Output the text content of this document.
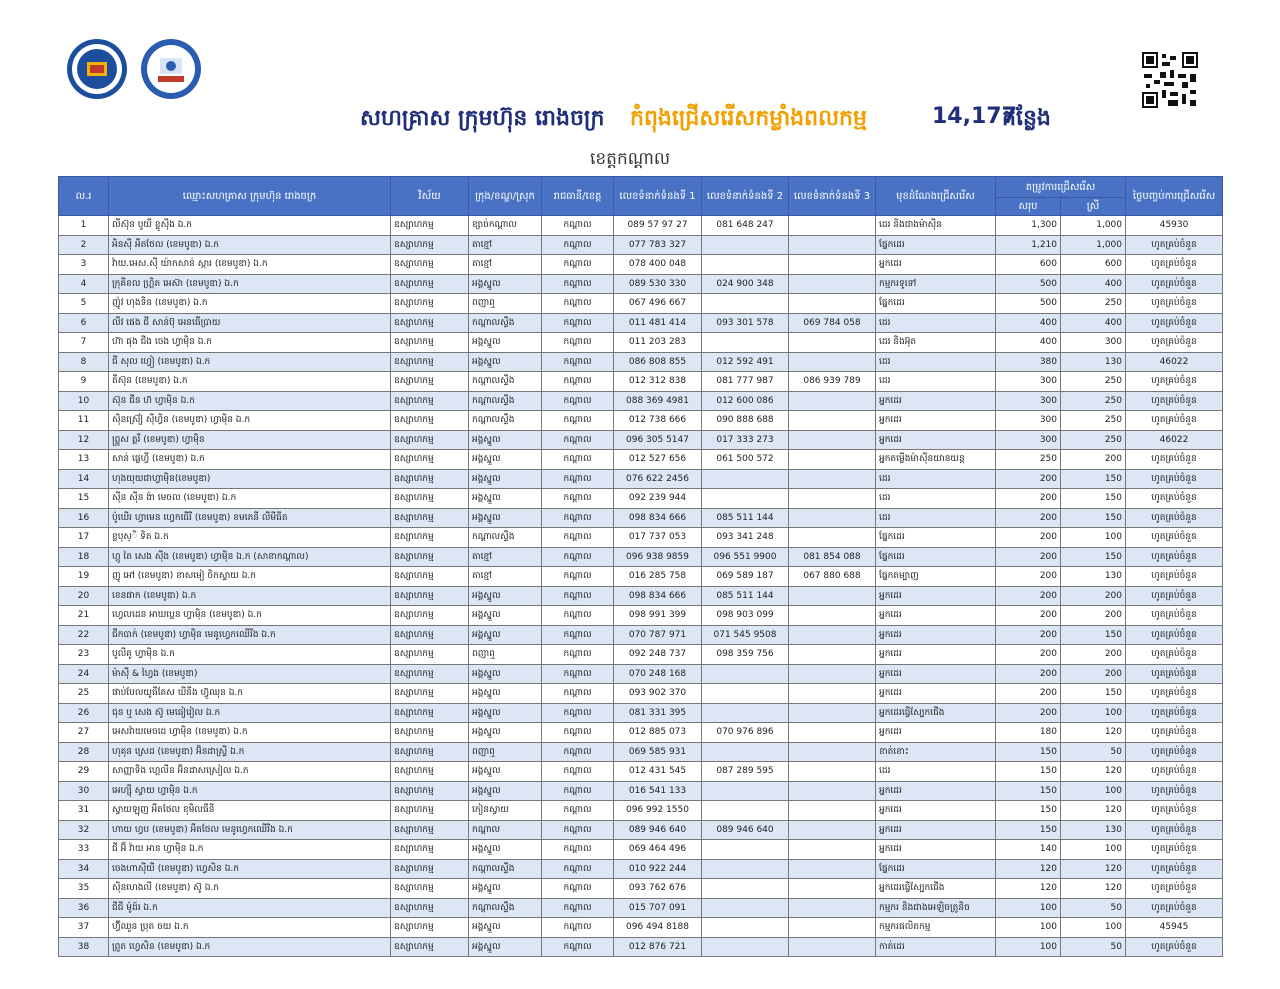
សហគ្រាស ក្រុមហ៊ុន រោងចក្រ កំពុងជ្រើសរើសកម្លាំងពលកម្ម	14,177
កន្លែង
ខេត្តកណ្ដាល
ល.រ	ឈ្មោះសហគ្រាស ក្រុមហ៊ុន រោងចក្រ	វិស័យ	ក្រុង/ខណ្ឌ/ស្រុក	រាជធានី/ខេត្ត	លេខទំនាក់ទំនងទី 1	លេខទំនាក់ទំនងទី 2	លេខទំនាក់ទំនងទី 3	មុខដំណែងជ្រើសរើស	តម្រូវការជ្រើសរើស		ថ្ងៃបញ្ចប់ការជ្រើសរើស
									សរុប	ស្រី	
1	លីស៊ុន បូយី ខ្លូស៊ីង ឯ.ក	ឧស្សាហកម្ម	ខ្សាច់កណ្ដាល	កណ្ដាល	089 57 97 27	081 648 247		ដេរ និងជាងម៉ាស៊ីន	1,300	1,000	45930
2	អិនស៊ី អឹតថែល (ខេមបូឌា) ឯ.ក	ឧស្សាហកម្ម	តាខ្មៅ	កណ្ដាល	077 783 327			ផ្នែកដេរ	1,210	1,000	ហូតគ្រប់ចំនួន
3	វ៉ាយ.អេស.ស៊ី យ៉ាកសាន់ ស្ការ (ខេមបូឌា) ឯ.ក	ឧស្សាហកម្ម	តាខ្មៅ	កណ្ដាល	078 400 048			អ្នកដេរ	600	600	ហូតគ្រប់ចំនួន
4	ក្រុគីខល ហ្គ្រិត អេស៊ា (ខេមបូឌា) ឯ.ក	ឧស្សាហកម្ម	អង្គស្នួល	កណ្ដាល	089 530 330	024 900 348		កម្មករទូទៅ	500	400	ហូតគ្រប់ចំនួន
5	ញ៉ូវ ហុងទិន (ខេមបូឌា) ឯ.ក	ឧស្សាហកម្ម	ពញាឮ	កណ្ដាល	067 496 667			ផ្នែកដេរ	500	250	ហូតគ្រប់ចំនួន
6	លីវ ផេង ជី សាន់ប៊ុ អេនធើប្រាយ	ឧស្សាហកម្ម	កណ្ដាលស្ទឹង	កណ្ដាល	011 481 414	093 301 578	069 784 058	ដេរ	400	400	ហូតគ្រប់ចំនួន
7	ហ៊ា ផុង ជីង ចេង ហ្វាម៉ិន ឯ.ក	ឧស្សាហកម្ម	អង្គស្នួល	កណ្ដាល	011 203 283			ដេរ និងអ៊ុត	400	300	ហូតគ្រប់ចំនួន
8	ជី សុល ហ្វៀ (ខេមបូឌា) ឯ.ក	ឧស្សាហកម្ម	អង្គស្នួល	កណ្ដាល	086 808 855	012 592 491		ដេរ	380	130	46022
9	តឺស៊ុន (ខេមបូឌា) ឯ.ក	ឧស្សាហកម្ម	កណ្ដាលស្ទឹង	កណ្ដាល	012 312 838	081 777 987	086 939 789	ដេរ	300	250	ហូតគ្រប់ចំនួន
10	ស៊ុន ជីន ហ៊ ហ្វាម៉ិន ឯ.ក	ឧស្សាហកម្ម	កណ្ដាលស្ទឹង	កណ្ដាល	088 369 4981	012 600 086		អ្នកដេរ	300	250	ហូតគ្រប់ចំនួន
11	ស៊ិនស៊្រៀ ស៊ីហ្វិន (ខេមបូឌា) ហ្វាម៉ិន ឯ.ក	ឧស្សាហកម្ម	កណ្ដាលស្ទឹង	កណ្ដាល	012 738 666	090 888 688		អ្នកដេរ	300	250	ហូតគ្រប់ចំនួន
12	ព្រ្ហូស ត្តរី (ខេមបូឌា) ហ្វាម៉ិន	ឧស្សាហកម្ម	អង្គស្នួល	កណ្ដាល	096 305 5147	017 333 273		អ្នកដេរ	300	250	46022
13	សាន់ ផ្លេហ្វី (ខេមបូឌា) ឯ.ក	ឧស្សាហកម្ម	អង្គស្នួល	កណ្ដាល	012 527 656	061 500 572		អ្នកតម្លើងម៉ាស៊ីនយានយន្ត	250	200	ហូតគ្រប់ចំនួន
14	ហុងយុយជាហ្វាម៉ិន(ខេមបូឌា)	ឧស្សាហកម្ម	អង្គស្នួល	កណ្ដាល	076 622 2456			ដេរ	200	150	ហូតគ្រប់ចំនួន
15	ស៊ីន ស៊ីន ង៉ា មេចល (ខេមបូឌា) ឯ.ក	ឧស្សាហកម្ម	អង្គស្នួល	កណ្ដាល	092 239 944			ដេរ	200	150	ហូតគ្រប់ចំនួន
16	ប៉ូឃើរ ហ្វាមេន ហ្វេកធើរី (ខេមបូឌា) ខមភេនី លីមីធីត	ឧស្សាហកម្ម	អង្គស្នួល	កណ្ដាល	098 834 666	085 511 144		ដេរ	200	150	ហូតគ្រប់ចំនួន
17	ខ្លបុស្ិ ទិត ឯ.ក	ឧស្សាហកម្ម	កណ្ដាលស្ទឹង	កណ្ដាល	017 737 053	093 341 248		ផ្នែកដេរ	200	100	ហូតគ្រប់ចំនួន
18	ហ្គូ តៃ សេង ស៊ីង (ខេមបូឌា) ហ្វាម៉ិន ឯ.ក (សាខាកណ្ដាល)	ឧស្សាហកម្ម	តាខ្មៅ	កណ្ដាល	096 938 9859	096 551 9900	081 854 088	ផ្នែកដេរ	200	150	ហូតគ្រប់ចំនួន
19	ញូ អៅ (ខេមបូឌា) ខាសមៀ ចិកស្ទាយ ឯ.ក	ឧស្សាហកម្ម	តាខ្មៅ	កណ្ដាល	016 285 758	069 589 187	067 880 688	ផ្នែកតម្បាញ	200	130	ហូតគ្រប់ចំនួន
20	ខេនផាក (ខេមបូឌា) ឯ.ក	ឧស្សាហកម្ម	អង្គស្នួល	កណ្ដាល	098 834 666	085 511 144		អ្នកដេរ	200	200	ហូតគ្រប់ចំនួន
21	ហ្វេលដេន អាឃប្លេន ហ្វាម៉ិន (ខេមបូឌា) ឯ.ក	ឧស្សាហកម្ម	អង្គស្នួល	កណ្ដាល	098 991 399	098 903 099		អ្នកដេរ	200	200	ហូតគ្រប់ចំនួន
22	ជីកបាក់ (ខេមបូឌា) ហ្វាម៉ិន មេនូហ្វេកឈើរីង ឯ.ក	ឧស្សាហកម្ម	អង្គស្នួល	កណ្ដាល	070 787 971	071 545 9508		អ្នកដេរ	200	150	ហូតគ្រប់ចំនួន
23	បូលីគូ ហ្វាម៉ិន ឯ.ក	ឧស្សាហកម្ម	ពញាឮ	កណ្ដាល	092 248 737	098 359 756		អ្នកដេរ	200	200	ហូតគ្រប់ចំនួន
24	ម៉ាស៊ី & ហ្វៃង (ខេមបូឌា)	ឧស្សាហកម្ម	អង្គស្នួល	កណ្ដាល	070 248 168			អ្នកដេរ	200	200	ហូតគ្រប់ចំនួន
25	ផាប់បែលយូធីគែស ឃីនីង ហ៊្វូឈុន ឯ.ក	ឧស្សាហកម្ម	អង្គស្នួល	កណ្ដាល	093 902 370			អ្នកដេរ	200	150	ហូតគ្រប់ចំនួន
26	ជុន ឬ សេង ស៊ូ មេធៀរៀល ឯ.ក	ឧស្សាហកម្ម	អង្គស្នួល	កណ្ដាល	081 331 395			អ្នកដេរធ្វើស្បែកជើង	200	100	ហូតគ្រប់ចំនួន
27	អេសវ៉ាយមេចដេ ហ្វាម៉ិន (ខេមបូឌា) ឯ.ក	ឧស្សាហកម្ម	អង្គស្នួល	កណ្ដាល	012 885 073	070 976 896		អ្នកដេរ	180	120	ហូតគ្រប់ចំនួន
28	ហុគុន ស្រេដ (ខេមបូឌា) អ៊ិនដាស្រ្ទី ឯ.ក	ឧស្សាហកម្ម	ពញាឮ	កណ្ដាល	069 585 931			ខាត់ខោះ	150	50	ហូតគ្រប់ចំនួន
29	សាញ្ញាទិង ហ្គេលីន អ៊ិនដាសស្រៀល ឯ.ក	ឧស្សាហកម្ម	អង្គស្នួល	កណ្ដាល	012 431 545	087 289 595		ដេរ	150	120	ហូតគ្រប់ចំនួន
30	អេហ្ស៊ី ស្វាយ ហ្វាម៉ិន ឯ.ក	ឧស្សាហកម្ម	អង្គស្នួល	កណ្ដាល	016 541 133			អ្នកដេរ	150	100	ហូតគ្រប់ចំនួន
31	ស្វាយឡុញ អឹតថែល ខុមិលធីនី	ឧស្សាហកម្ម	កៀនស្វាយ	កណ្ដាល	096 992 1550			អ្នកដេរ	150	120	ហូតគ្រប់ចំនួន
32	ហាយ ហ្វប (ខេមបូឌា) អឹតថែល មេនូហ្វេកឈើរីង ឯ.ក	ឧស្សាហកម្ម	កណ្ដាល	កណ្ដាល	089 946 640	089 946 640		អ្នកដេរ	150	130	ហូតគ្រប់ចំនួន
33	ជី អ៊ី វ៉ាយ អាន ហ្វាម៉ិន ឯ.ក	ឧស្សាហកម្ម	អង្គស្នួល	កណ្ដាល	069 464 496			អ្នកដេរ	140	100	ហូតគ្រប់ចំនួន
34	ចេងហាស៊ីយី (ខេមបូឌា) ហ្វេសិន ឯ.ក	ឧស្សាហកម្ម	កណ្ដាលស្ទឹង	កណ្ដាល	010 922 244			ផ្នែកដេរ	120	120	ហូតគ្រប់ចំនួន
35	ស៊ិនហេងលី (ខេមបូឌា) ស៊ូ ឯ.ក	ឧស្សាហកម្ម	អង្គស្នួល	កណ្ដាល	093 762 676			អ្នកដេរធ្វើស្បែកជើង	120	120	ហូតគ្រប់ចំនួន
36	ជីជី ម៉ូដ៍រ ឯ.ក	ឧស្សាហកម្ម	កណ្ដាលស្ទឹង	កណ្ដាល	015 707 091			កម្មករ និងជាងអេឡិចត្រូនិច	100	50	ហូតគ្រប់ចំនួន
37	ហ៊្វីឈួន ប្រុត ចយ ឯ.ក	ឧស្សាហកម្ម	អង្គស្នួល	កណ្ដាល	096 494 8188			កម្មករផលិតកម្ម	100	100	45945
38	ព្រូត ហ្វេសិន (ខេមបូឌា) ឯ.ក	ឧស្សាហកម្ម	អង្គស្នួល	កណ្ដាល	012 876 721			កាត់ដេរ	100	50	ហូតគ្រប់ចំនួន
